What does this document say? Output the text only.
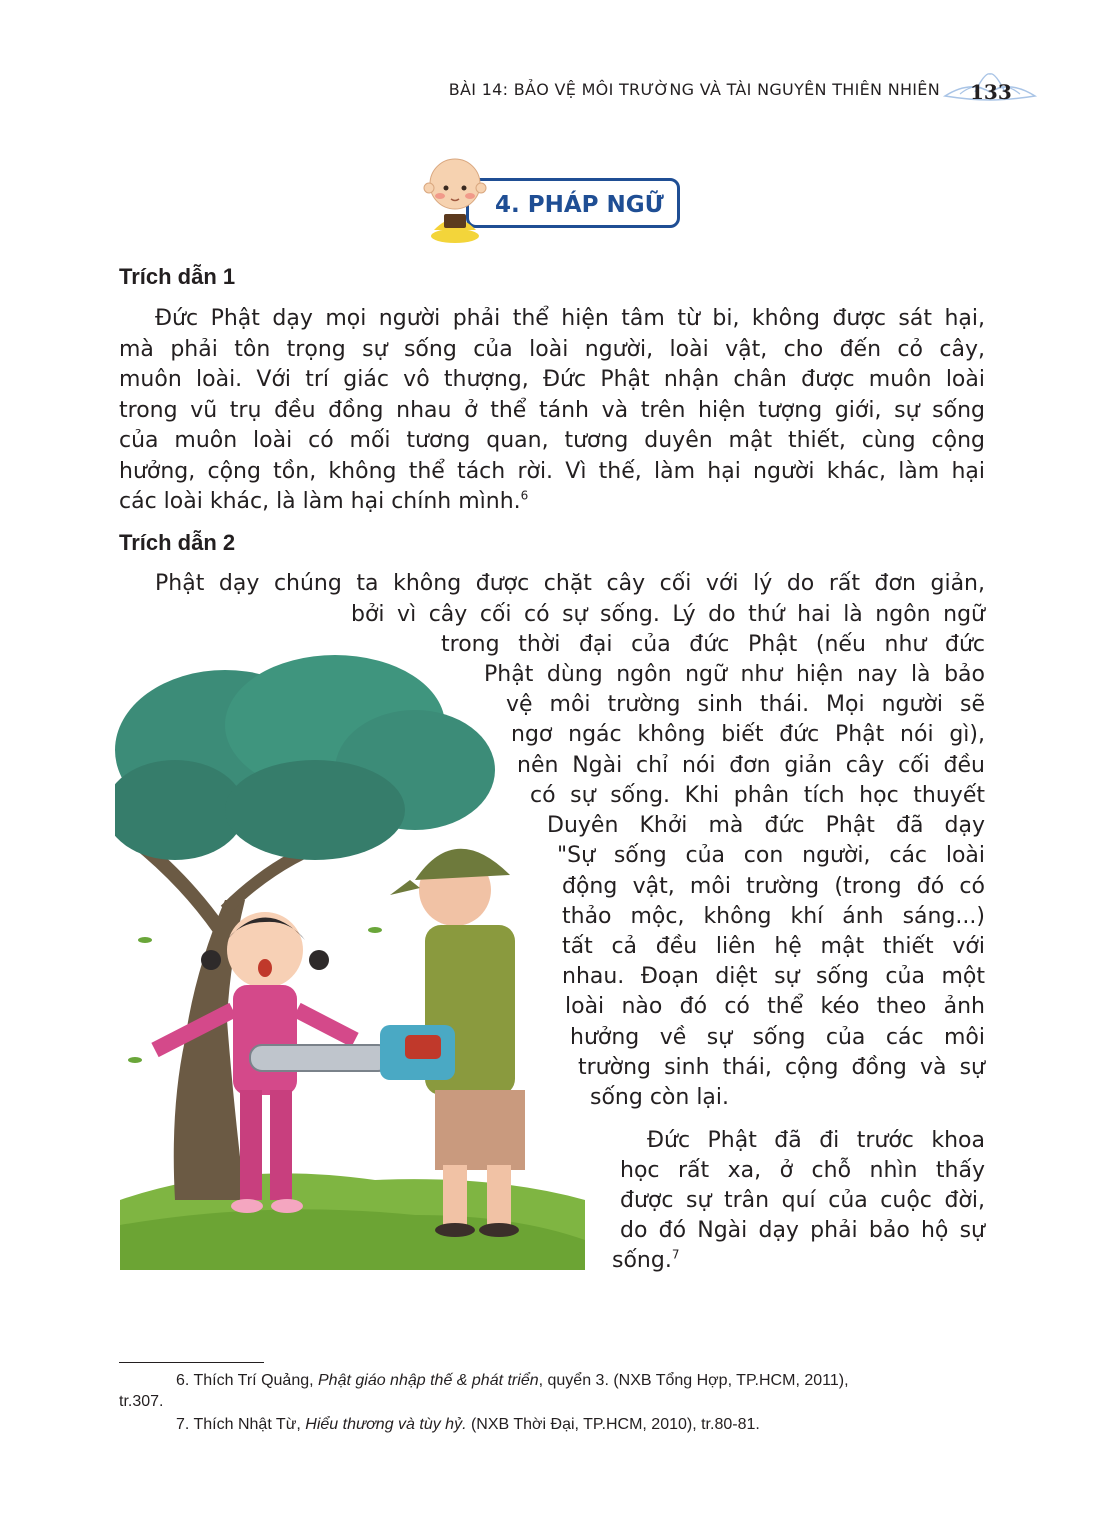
BÀI 14: BẢO VỆ MÔI TRƯỜNG VÀ TÀI NGUYÊN THIÊN NHIÊN 133
4. PHÁP NGỮ
Trích dẫn 1
Đức Phật dạy mọi người phải thể hiện tâm từ bi, không được sát hại,
mà phải tôn trọng sự sống của loài người, loài vật, cho đến cỏ cây,
muôn loài. Với trí giác vô thượng, Đức Phật nhận chân được muôn loài
trong vũ trụ đều đồng nhau ở thể tánh và trên hiện tượng giới, sự sống
của muôn loài có mối tương quan, tương duyên mật thiết, cùng cộng
hưởng, cộng tồn, không thể tách rời. Vì thế, làm hại người khác, làm hại
các loài khác, là làm hại chính mình.$^6$
Trích dẫn 2
Phật dạy chúng ta không được chặt cây cối với lý do rất đơn giản,
bởi vì cây cối có sự sống. Lý do thứ hai là ngôn ngữ
trong thời đại của đức Phật (nếu như đức
Phật dùng ngôn ngữ như hiện nay là bảo
vệ môi trường sinh thái. Mọi người sẽ
ngơ ngác không biết đức Phật nói gì),
nên Ngài chỉ nói đơn giản cây cối đều
có sự sống. Khi phân tích học thuyết
Duyên Khởi mà đức Phật đã dạy
"Sự sống của con người, các loài
động vật, môi trường (trong đó có
thảo mộc, không khí ánh sáng...)
tất cả đều liên hệ mật thiết với
nhau. Đoạn diệt sự sống của một
loài nào đó có thể kéo theo ảnh
hưởng về sự sống của các môi
trường sinh thái, cộng đồng và sự
sống còn lại.
Đức Phật đã đi trước khoa
học rất xa, ở chỗ nhìn thấy
được sự trân quí của cuộc đời,
do đó Ngài dạy phải bảo hộ sự
sống.$^7$
6. Thích Trí Quảng, Phật giáo nhập thế & phát triển, quyển 3. (NXB Tổng Hợp, TP.HCM, 2011),
tr.307.
7. Thích Nhật Từ, Hiểu thương và tùy hỷ. (NXB Thời Đại, TP.HCM, 2010), tr.80-81.
